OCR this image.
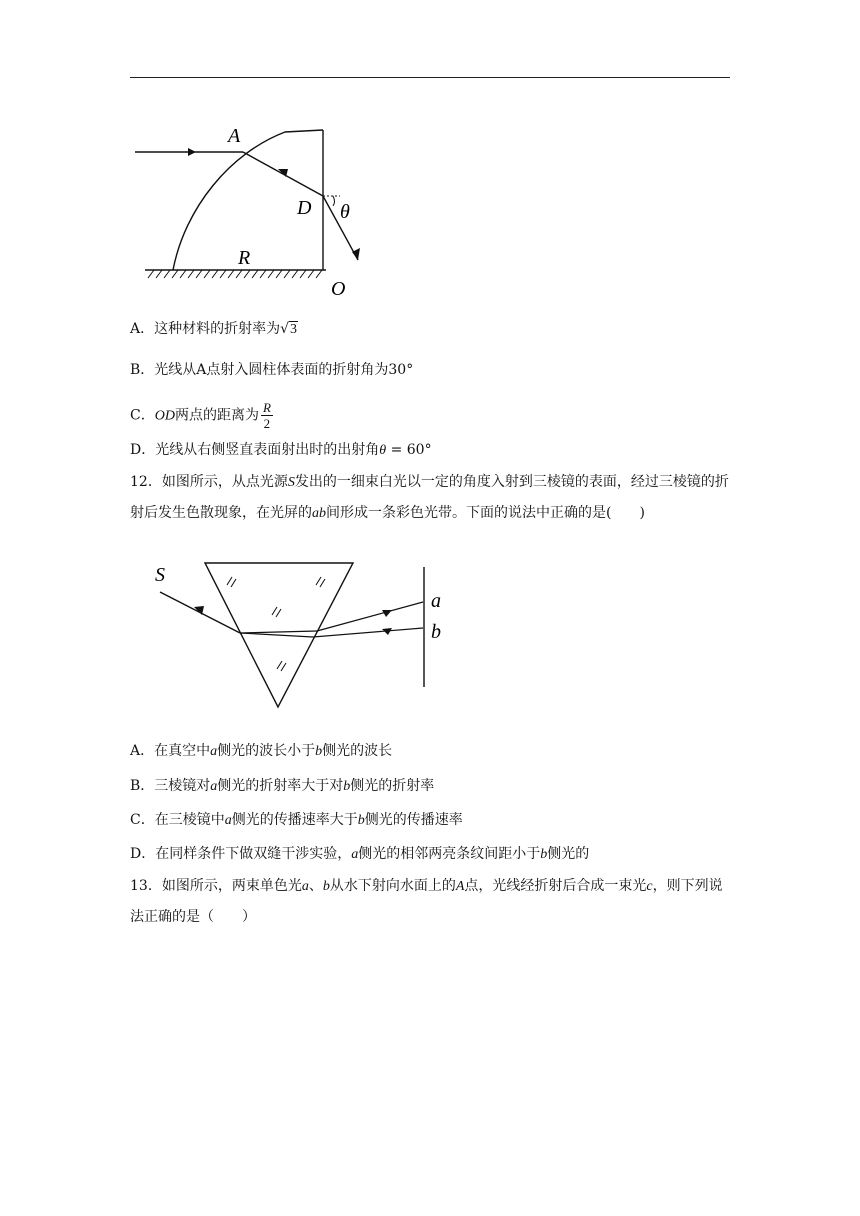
A
D θ
R
O
A．这种材料的折射率为√3
B．光线从A点射入圆柱体表面的折射角为30°
C．OD两点的距离为 $\frac{R}{2}$
D．光线从右侧竖直表面射出时的出射角θ = 60°
12．如图所示，从点光源S发出的一细束白光以一定的角度入射到三棱镜的表面，经过三棱镜的折射后发生色散现象，在光屏的ab间形成一条彩色光带。下面的说法中正确的是(　　)
S
a
b
A．在真空中a侧光的波长小于b侧光的波长
B．三棱镜对a侧光的折射率大于对b侧光的折射率
C．在三棱镜中a侧光的传播速率大于b侧光的传播速率
D．在同样条件下做双缝干涉实验，a侧光的相邻两亮条纹间距小于b侧光的
13．如图所示，两束单色光a、b从水下射向水面上的A点，光线经折射后合成一束光c，则下列说法正确的是（　　）
